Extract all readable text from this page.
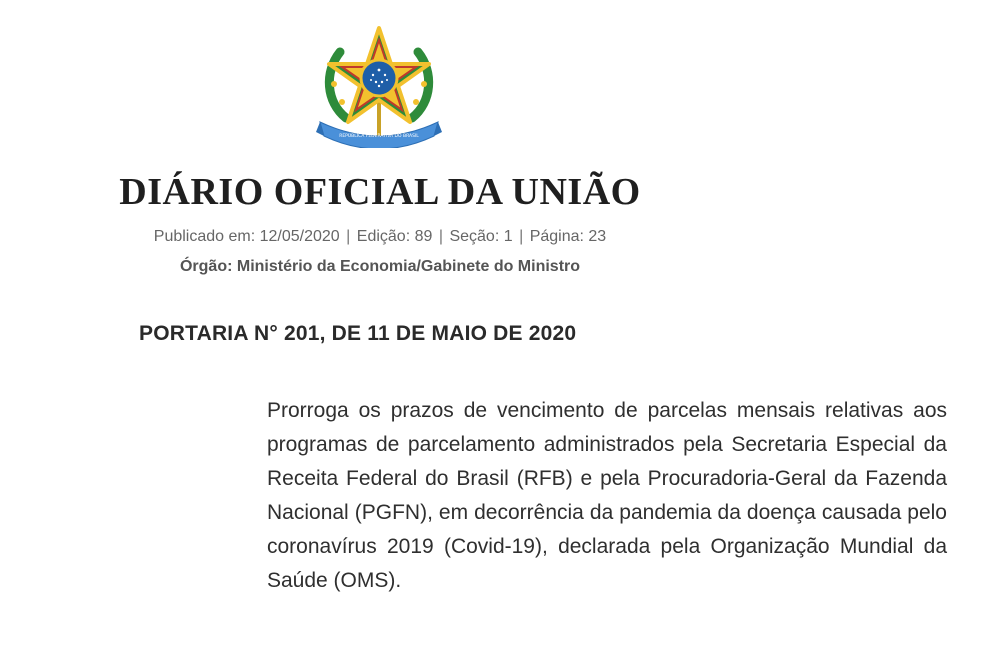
REPÚBLICA FEDERATIVA DO BRASIL
DIÁRIO OFICIAL DA UNIÃO
Publicado em: 12/05/2020 | Edição: 89 | Seção: 1 | Página: 23
Órgão: Ministério da Economia/Gabinete do Ministro
PORTARIA N° 201, DE 11 DE MAIO DE 2020
Prorroga os prazos de vencimento de parcelas mensais relativas aos programas de parcelamento administrados pela Secretaria Especial da Receita Federal do Brasil (RFB) e pela Procuradoria-Geral da Fazenda Nacional (PGFN), em decorrência da pandemia da doença causada pelo coronavírus 2019 (Covid-19), declarada pela Organização Mundial da Saúde (OMS).
